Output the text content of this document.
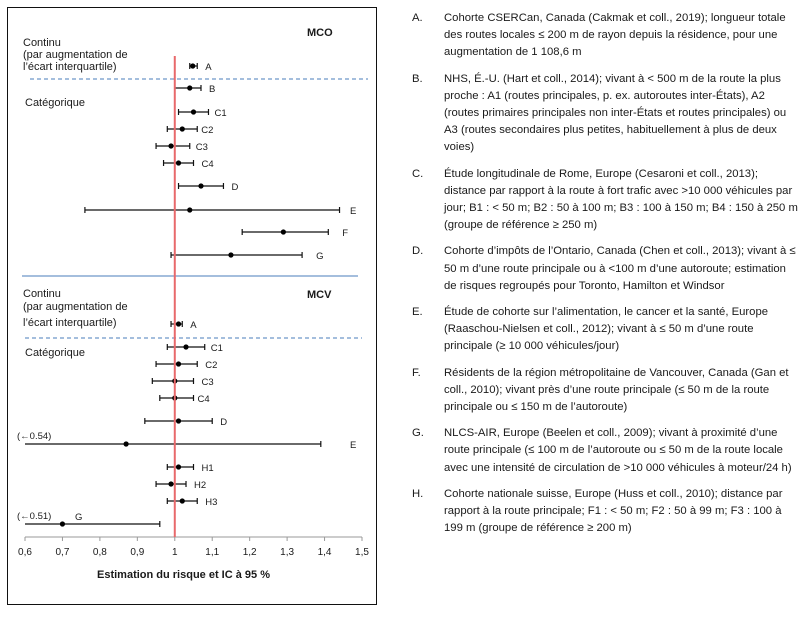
MCO
Continu
(par augmentation de
l’écart interquartile)
Catégorique
MCV
Continu
(par augmentation de
l’écart interquartile)
Catégorique
0,6 0,7 0,8 0,9	1	1,1 1,2 1,3 1,4 1,5
Estimation du risque et IC à 95 %
A
B
C1
C2
C3
C4
D
E
F
G
A
C1
C2
C3
C4
D
E
(←0.54)
H1
H2
H3
G
(←0.51)
A.	Cohorte CSERCan, Canada (Cakmak et coll., 2019); longueur totale des routes locales ≤ 200 m de rayon depuis la résidence, pour une augmentation de 1 108,6 m
B.	NHS, É.-U. (Hart et coll., 2014); vivant à < 500 m de la route la plus proche : A1 (routes principales, p. ex. autoroutes inter-États), A2 (routes primaires principales non inter-États et routes principales) ou A3 (routes secondaires plus petites, habituellement à plus de deux voies)
C.	Étude longitudinale de Rome, Europe (Cesaroni et coll., 2013); distance par rapport à la route à fort trafic avec >10 000 véhicules par jour; B1 : < 50 m; B2 : 50 à 100 m; B3 : 100 à 150 m; B4 : 150 à 250 m (groupe de référence ≥ 250 m)
D.	Cohorte d’impôts de l’Ontario, Canada (Chen et coll., 2013); vivant à ≤ 50 m d’une route principale ou à <100 m d’une autoroute; estimation de risques regroupés pour Toronto, Hamilton et Windsor
E.	Étude de cohorte sur l’alimentation, le cancer et la santé, Europe (Raaschou-Nielsen et coll., 2012); vivant à ≤ 50 m d’une route principale (≥ 10 000 véhicules/jour)
F.	Résidents de la région métropolitaine de Vancouver, Canada (Gan et coll., 2010); vivant près d’une route principale (≤ 50 m de la route principale ou ≤ 150 m de l’autoroute)
G.	NLCS-AIR, Europe (Beelen et coll., 2009); vivant à proximité d’une route principale (≤ 100 m de l’autoroute ou ≤ 50 m de la route locale avec une intensité de circulation de >10 000 véhicules à moteur/24 h)
H.	Cohorte nationale suisse, Europe (Huss et coll., 2010); distance par rapport à la route principale; F1 : < 50 m; F2 : 50 à 99 m; F3 : 100 à 199 m (groupe de référence ≥ 200 m)
